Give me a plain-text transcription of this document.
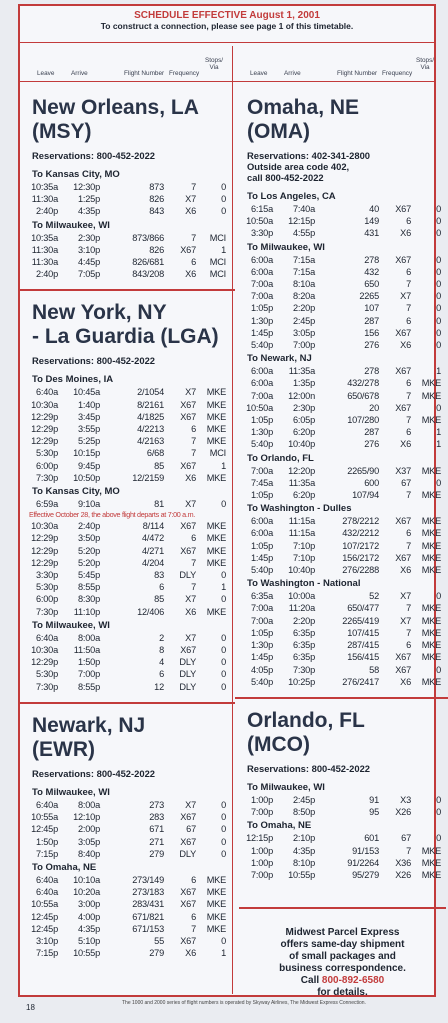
SCHEDULE EFFECTIVE August 1, 2001
To construct a connection, please see page 1 of this timetable.
Leave	Arrive	Flight Number Frequency
Stops/ Via
Leave	Arrive	Flight Number Frequency
Stops/ Via
New Orleans, LA
(MSY)
Reservations: 800-452-2022
To Kansas City, MO
10:35a	12:30p	873	7	0
11:30a	1:25p	826	X7	0
2:40p	4:35p	843	X6	0
To Milwaukee, WI
10:35a	2:30p	873/866	7	MCI
11:30a	3:10p	826	X67	1
11:30a	4:45p	826/681	6	MCI
2:40p	7:05p	843/208	X6	MCI
New York, NY
- La Guardia (LGA)
Reservations: 800-452-2022
To Des Moines, IA
6:40a	10:45a	2/1054	X7	MKE
10:30a	1:40p	8/2161	X67	MKE
12:29p	3:45p	4/1825	X67	MKE
12:29p	3:55p	4/2213	6	MKE
12:29p	5:25p	4/2163	7	MKE
5:30p	10:15p	6/68	7	MCI
6:00p	9:45p	85	X67	1
7:30p	10:50p	12/2159	X6	MKE
To Kansas City, MO
6:59a	9:10a	81	X7	0
Effective October 28, the above flight departs at 7:00 a.m.
10:30a	2:40p	8/114	X67	MKE
12:29p	3:50p	4/472	6	MKE
12:29p	5:20p	4/271	X67	MKE
12:29p	5:20p	4/204	7	MKE
3:30p	5:45p	83	DLY	0
5:30p	8:55p	6	7	1
6:00p	8:30p	85	X7	0
7:30p	11:10p	12/406	X6	MKE
To Milwaukee, WI
6:40a	8:00a	2	X7	0
10:30a	11:50a	8	X67	0
12:29p	1:50p	4	DLY	0
5:30p	7:00p	6	DLY	0
7:30p	8:55p	12	DLY	0
Newark, NJ
(EWR)
Reservations: 800-452-2022
To Milwaukee, WI
6:40a	8:00a	273	X7	0
10:55a	12:10p	283	X67	0
12:45p	2:00p	671	67	0
1:50p	3:05p	271	X67	0
7:15p	8:40p	279	DLY	0
To Omaha, NE
6:40a	10:10a	273/149	6	MKE
6:40a	10:20a	273/183	X67	MKE
10:55a	3:00p	283/431	X67	MKE
12:45p	4:00p	671/821	6	MKE
12:45p	4:35p	671/153	7	MKE
3:10p	5:10p	55	X67	0
7:15p	10:55p	279	X6	1
Omaha, NE
(OMA)
Reservations: 402-341-2800
Outside area code 402,
call 800-452-2022
To Los Angeles, CA
6:15a	7:40a	40	X67	0
10:50a	12:15p	149	6	0
3:30p	4:55p	431	X6	0
To Milwaukee, WI
6:00a	7:15a	278	X67	0
6:00a	7:15a	432	6	0
7:00a	8:10a	650	7	0
7:00a	8:20a	2265	X7	0
1:05p	2:20p	107	7	0
1:30p	2:45p	287	6	0
1:45p	3:05p	156	X67	0
5:40p	7:00p	276	X6	0
To Newark, NJ
6:00a	11:35a	278	X67	1
6:00a	1:35p	432/278	6	MKE
7:00a	12:00n	650/678	7	MKE
10:50a	2:30p	20	X67	0
1:05p	6:05p	107/280	7	MKE
1:30p	6:20p	287	6	1
5:40p	10:40p	276	X6	1
To Orlando, FL
7:00a	12:20p	2265/90	X37	MKE
7:45a	11:35a	600	67	0
1:05p	6:20p	107/94	7	MKE
To Washington - Dulles
6:00a	11:15a	278/2212	X67	MKE
6:00a	11:15a	432/2212	6	MKE
1:05p	7:10p	107/2172	7	MKE
1:45p	7:10p	156/2172	X67	MKE
5:40p	10:40p	276/2288	X6	MKE
To Washington - National
6:35a	10:00a	52	X7	0
7:00a	11:20a	650/477	7	MKE
7:00a	2:20p	2265/419	X7	MKE
1:05p	6:35p	107/415	7	MKE
1:30p	6:35p	287/415	6	MKE
1:45p	6:35p	156/415	X67	MKE
4:05p	7:30p	58	X67	0
5:40p	10:25p	276/2417	X6	MKE
Orlando, FL
(MCO)
Reservations: 800-452-2022
To Milwaukee, WI
1:00p	2:45p	91	X3	0
7:00p	8:50p	95	X26	0
To Omaha, NE
12:15p	2:10p	601	67	0
1:00p	4:35p	91/153	7	MKE
1:00p	8:10p	91/2264	X36	MKE
7:00p	10:55p	95/279	X26	MKE
Midwest Parcel Express
offers same-day shipment
of small packages and
business correspondence.
Call 800-892-6580
for details.
18	The 1000 and 2000 series of flight numbers is operated by Skyway Airlines, The Midwest Express Connection.
